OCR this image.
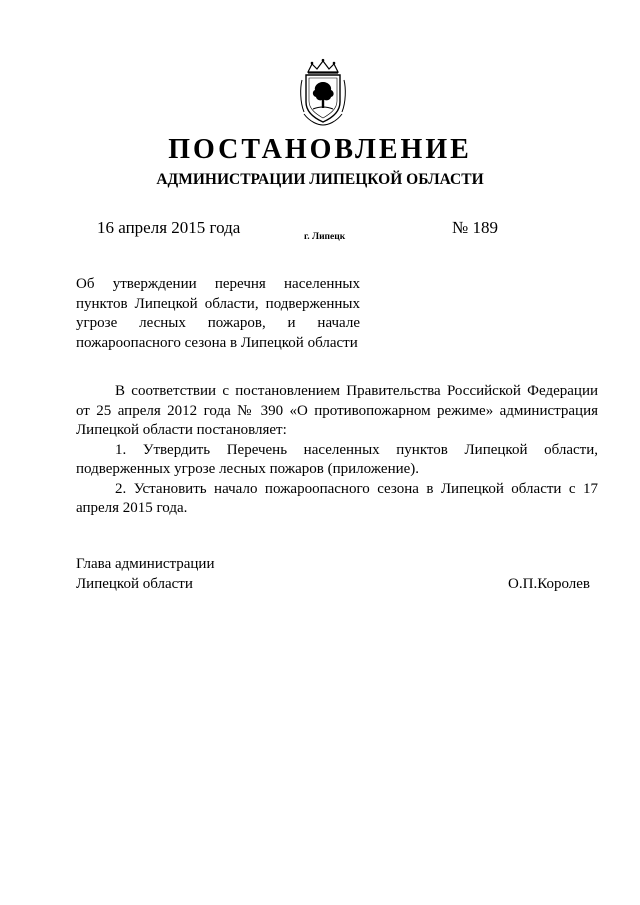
ПОСТАНОВЛЕНИЕ
АДМИНИСТРАЦИИ ЛИПЕЦКОЙ ОБЛАСТИ
16 апреля 2015 года	г. Липецк	№ 189

Об утверждении перечня населенных пунктов Липецкой области, подверженных угрозе лесных пожаров, и начале пожароопасного сезона в Липецкой области

В соответствии с постановлением Правительства Российской Федерации от 25 апреля 2012 года № 390 «О противопожарном режиме» администрация Липецкой области постановляет:

1. Утвердить Перечень населенных пунктов Липецкой области, подверженных угрозе лесных пожаров (приложение).

2. Установить начало пожароопасного сезона в Липецкой области с 17 апреля 2015 года.

Глава администрации
Липецкой области	О.П.Королев
